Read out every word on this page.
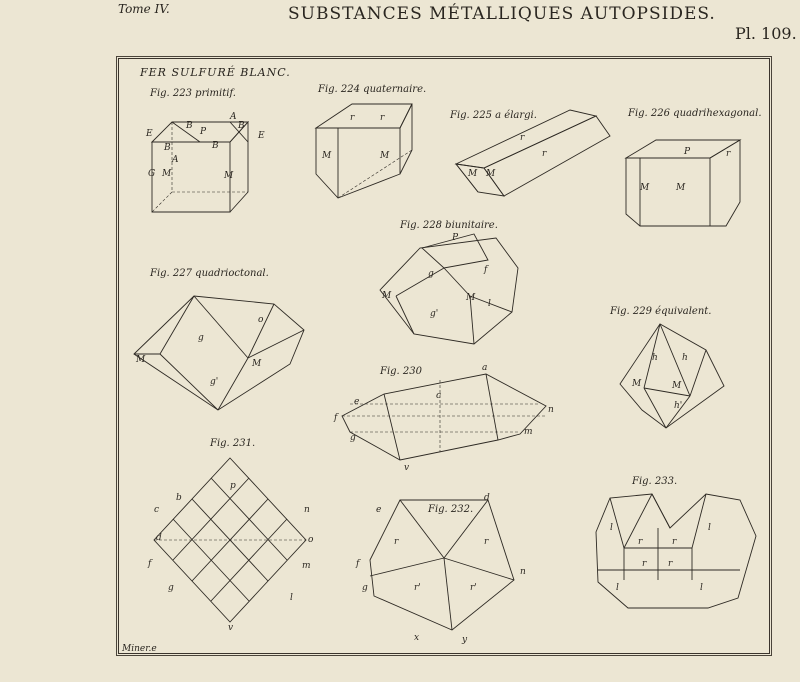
Tome IV.	SUBSTANCES MÉTALLIQUES AUTOPSIDES.
Pl. 109.
FER SULFURÉ BLANC.
Fig. 223 primitif.	Fig. 224 quaternaire.
Fig. 225 a élargi.	Fig. 226 quadrihexagonal.
Fig. 227 quadrioctonal.
Fig. 228 biunitaire.
Fig. 229 équivalent.
Fig. 230
Fig. 231.
Fig. 232.
Fig. 233.
Miner.e
E	E
P
A
B
B
B
B
A
M	M
G
M	M
r	r
M M
r
r	P
M	M
r
M	M
g
g'
o
P
M	M
g	f
l
g'
h	h
M	M
h'
a
e
f
g
n
v
m
c
b
p
c
d
f
g
n
o
m
l
v
r	r
r'	r'
e
d
f
g
n
x	y
l	l
r	r
r r
l	l
